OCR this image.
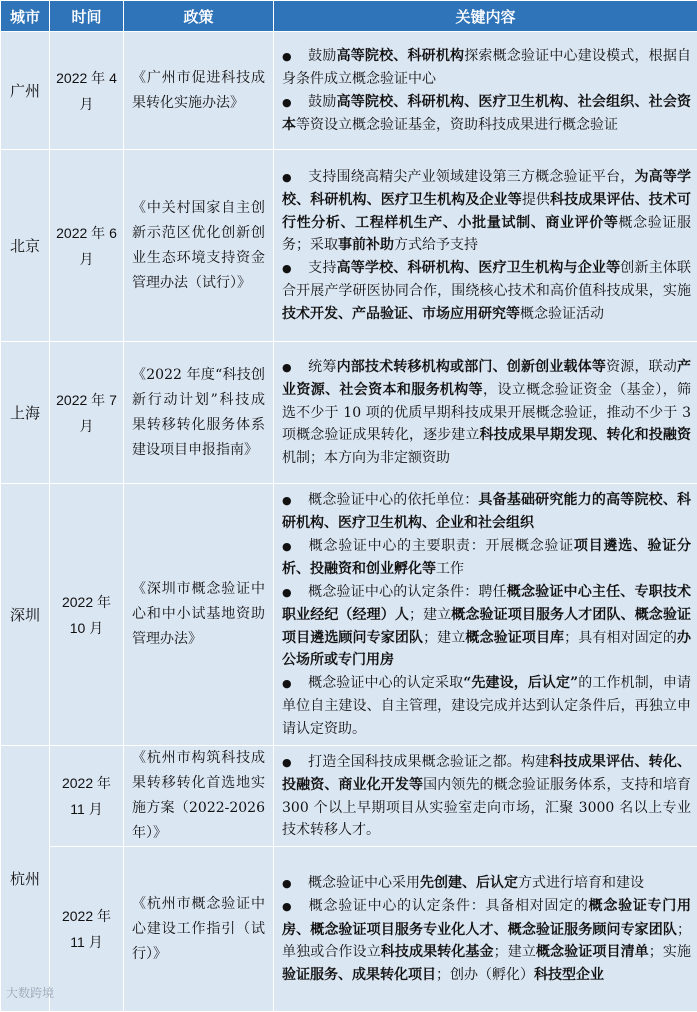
城市	时间	政策	关键内容
广州	2022 年 4 月	《广州市促进科技成果转化实施办法》	● 鼓励高等院校、科研机构探索概念验证中心建设模式，根据自身条件成立概念验证中心
● 鼓励高等院校、科研机构、医疗卫生机构、社会组织、社会资本等资设立概念验证基金，资助科技成果进行概念验证

北京	2022 年 6 月	《中关村国家自主创新示范区优化创新创业生态环境支持资金管理办法（试行）》	● 支持围绕高精尖产业领域建设第三方概念验证平台，为高等学校、科研机构、医疗卫生机构及企业等提供科技成果评估、技术可行性分析、工程样机生产、小批量试制、商业评价等概念验证服务；采取事前补助方式给予支持
● 支持高等学校、科研机构、医疗卫生机构与企业等创新主体联合开展产学研医协同合作，围绕核心技术和高价值科技成果，实施技术开发、产品验证、市场应用研究等概念验证活动

上海	2022 年 7 月	《2022 年度“科技创新行动计划”科技成果转移转化服务体系建设项目申报指南》	● 统筹内部技术转移机构或部门、创新创业载体等资源，联动产业资源、社会资本和服务机构等，设立概念验证资金（基金），筛选不少于 10 项的优质早期科技成果开展概念验证，推动不少于 3 项概念验证成果转化，逐步建立科技成果早期发现、转化和投融资机制；本方向为非定额资助

深圳	2022 年 10 月	《深圳市概念验证中心和中小试基地资助管理办法》	● 概念验证中心的依托单位：具备基础研究能力的高等院校、科研机构、医疗卫生机构、企业和社会组织
● 概念验证中心的主要职责：开展概念验证项目遴选、验证分析、投融资和创业孵化等工作
● 概念验证中心的认定条件：聘任概念验证中心主任、专职技术职业经纪（经理）人；建立概念验证项目服务人才团队、概念验证项目遴选顾问专家团队；建立概念验证项目库；具有相对固定的办公场所或专门用房
● 概念验证中心的认定采取“先建设，后认定”的工作机制，申请单位自主建设、自主管理，建设完成并达到认定条件后，再独立申请认定资助。

杭州	2022 年 11 月	《杭州市构筑科技成果转移转化首选地实施方案（2022-2026 年）》	● 打造全国科技成果概念验证之都。构建科技成果评估、转化、投融资、商业化开发等国内领先的概念验证服务体系，支持和培育 300 个以上早期项目从实验室走向市场，汇聚 3000 名以上专业技术转移人才。

	2022 年 11 月	《杭州市概念验证中心建设工作指引（试行）》	● 概念验证中心采用先创建、后认定方式进行培育和建设
● 概念验证中心的认定条件：具备相对固定的概念验证专门用房、概念验证项目服务专业化人才、概念验证服务顾问专家团队；单独或合作设立科技成果转化基金；建立概念验证项目清单；实施验证服务、成果转化项目；创办（孵化）科技型企业
大数跨境
